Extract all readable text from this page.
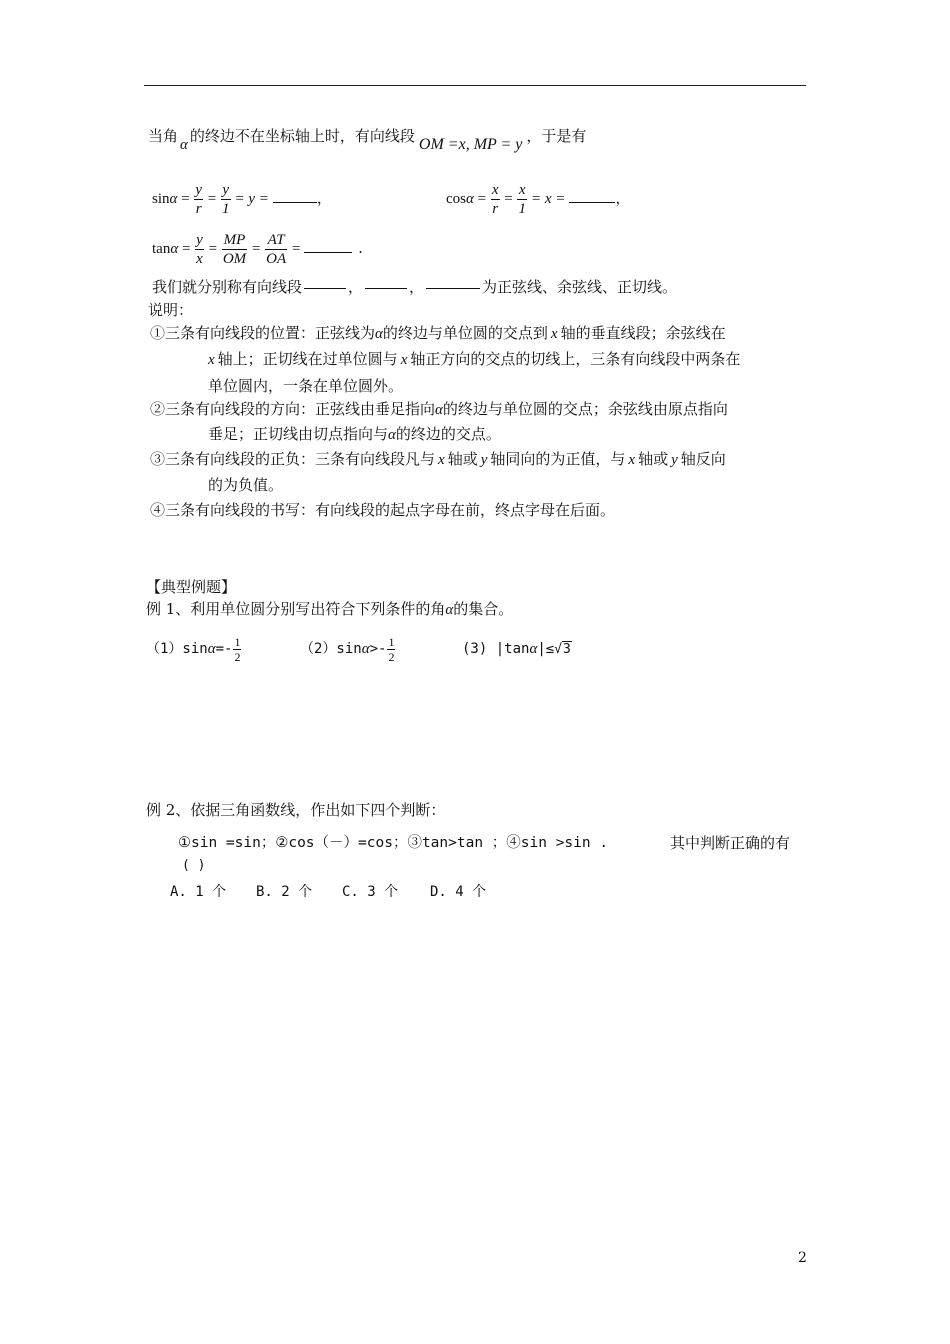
当角 α 的终边不在坐标轴上时，有向线段 OM =x, MP = y ，于是有
$\sin\alpha = \frac{y}{r} = \frac{y}{1} = y$ =	，	$\cos\alpha = \frac{x}{r} = \frac{x}{1} = x$ =	，
$\tan\alpha = \frac{y}{x} = \frac{MP}{OM} = \frac{AT}{OA}$ =	.
我们就分别称有向线段	，	，	为正弦线、余弦线、正切线。
说明：
①三条有向线段的位置：正弦线为α的终边与单位圆的交点到 x 轴的垂直线段；余弦线在
x 轴上；正切线在过单位圆与 x 轴正方向的交点的切线上，三条有向线段中两条在
单位圆内，一条在单位圆外。
②三条有向线段的方向：正弦线由垂足指向α的终边与单位圆的交点；余弦线由原点指向
垂足；正切线由切点指向与α的终边的交点。
③三条有向线段的正负：三条有向线段凡与 x 轴或 y 轴同向的为正值，与 x 轴或 y 轴反向
的为负值。
④三条有向线段的书写：有向线段的起点字母在前，终点字母在后面。
【典型例题】
例 1、利用单位圆分别写出符合下列条件的角α的集合。
$(1)\sin\alpha=- \frac{1}{2}$	$(2)\sin\alpha>- \frac{1}{2}$	(3) |tanα|≤√3
例 2、依据三角函数线，作出如下四个判断：
①sin =sin；②cos（－）=cos；③tan>tan ；④sin >sin .	其中判断正确的有
( )
A. 1 个 B. 2 个 C. 3 个 D. 4 个
2
